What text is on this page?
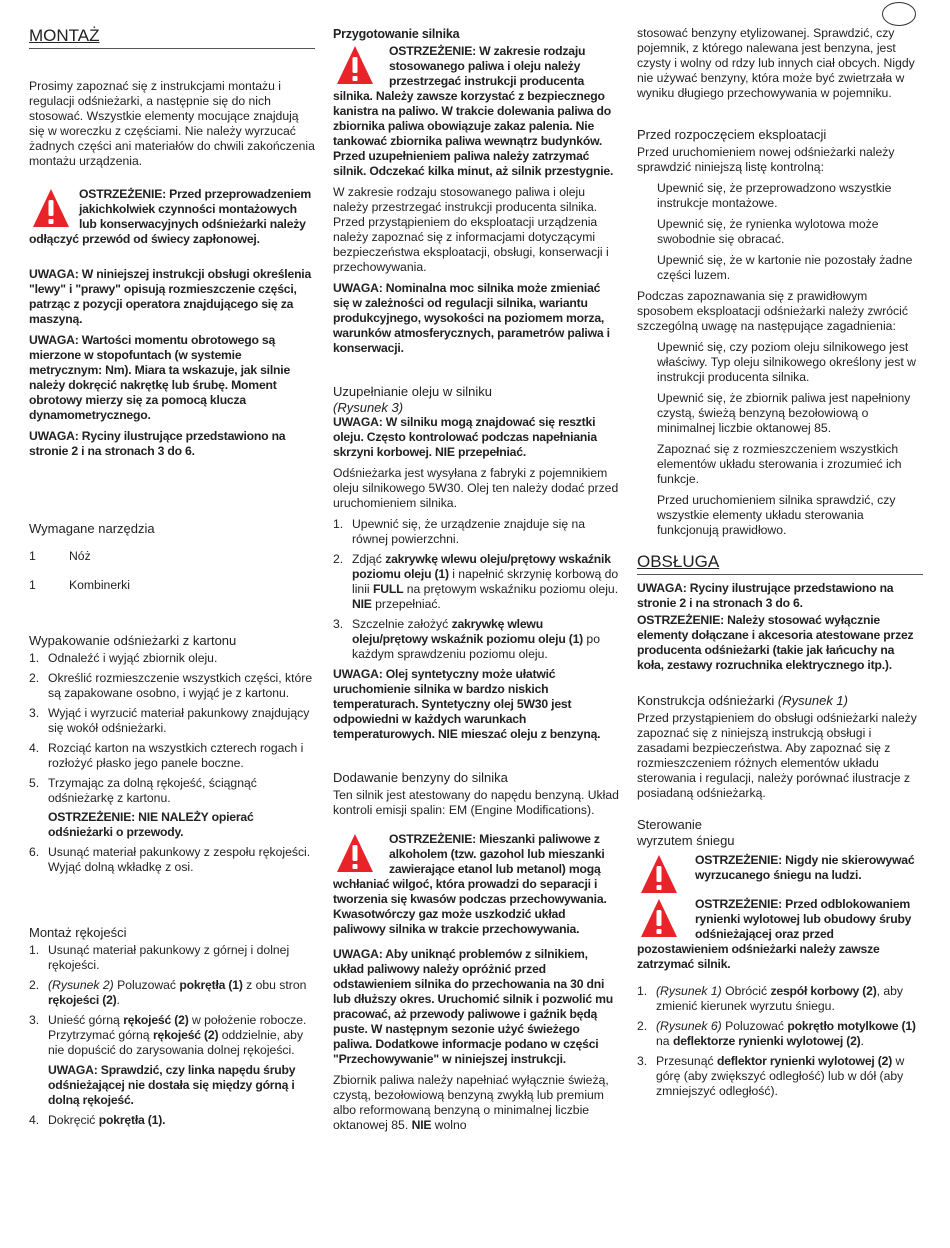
MONTAŻ

Prosimy zapoznać się z instrukcjami montażu i regulacji odśnieżarki, a następnie się do nich stosować. Wszystkie elementy mocujące znajdują się w woreczku z częściami. Nie należy wyrzucać żadnych części ani materiałów do chwili zakończenia montażu urządzenia.

OSTRZEŻENIE: Przed przeprowadzeniem jakichkolwiek czynności montażowych lub konserwacyjnych odśnieżarki należy odłączyć przewód od świecy zapłonowej.

UWAGA: W niniejszej instrukcji obsługi określenia "lewy" i "prawy" opisują rozmieszczenie części, patrząc z pozycji operatora znajdującego się za maszyną.

UWAGA: Wartości momentu obrotowego są mierzone w stopofuntach (w systemie metrycznym: Nm). Miara ta wskazuje, jak silnie należy dokręcić nakrętkę lub śrubę. Moment obrotowy mierzy się za pomocą klucza dynamometrycznego.

UWAGA: Ryciny ilustrujące przedstawiono na stronie 2 i na stronach 3 do 6.

Wymagane narzędzia
1	Nóż
1	Kombinerki
Wypakowanie odśnieżarki z kartonu
1. Odnaleźć i wyjąć zbiornik oleju.
2. Określić rozmieszczenie wszystkich części, które są zapakowane osobno, i wyjąć je z kartonu.
3. Wyjąć i wyrzucić materiał pakunkowy znajdujący się wokół odśnieżarki.
4. Rozciąć karton na wszystkich czterech rogach i rozłożyć płasko jego panele boczne.
5. Trzymając za dolną rękojeść, ściągnąć odśnieżarkę z kartonu.
OSTRZEŻENIE: NIE NALEŻY opierać odśnieżarki o przewody.
6. Usunąć materiał pakunkowy z zespołu rękojeści. Wyjąć dolną wkładkę z osi.
Montaż rękojeści
1. Usunąć materiał pakunkowy z górnej i dolnej rękojeści.
2. (Rysunek 2) Poluzować pokrętła (1) z obu stron rękojeści (2).
3. Unieść górną rękojeść (2) w położenie robocze. Przytrzymać górną rękojeść (2) oddzielnie, aby nie dopuścić do zarysowania dolnej rękojeści.
UWAGA: Sprawdzić, czy linka napędu śruby odśnieżającej nie dostała się między górną i dolną rękojeść.
4. Dokręcić pokrętła (1).
Przygotowanie silnika

OSTRZEŻENIE: W zakresie rodzaju stosowanego paliwa i oleju należy przestrzegać instrukcji producenta silnika. Należy zawsze korzystać z bezpiecznego kanistra na paliwo. W trakcie dolewania paliwa do zbiornika paliwa obowiązuje zakaz palenia. Nie tankować zbiornika paliwa wewnątrz budynków. Przed uzupełnieniem paliwa należy zatrzymać silnik. Odczekać kilka minut, aż silnik przestygnie.

W zakresie rodzaju stosowanego paliwa i oleju należy przestrzegać instrukcji producenta silnika. Przed przystąpieniem do eksploatacji urządzenia należy zapoznać się z informacjami dotyczącymi bezpieczeństwa eksploatacji, obsługi, konserwacji i przechowywania.

UWAGA: Nominalna moc silnika może zmieniać się w zależności od regulacji silnika, wariantu produkcyjnego, wysokości na poziomem morza, warunków atmosferycznych, parametrów paliwa i konserwacji.

Uzupełnianie oleju w silniku
(Rysunek 3)

UWAGA: W silniku mogą znajdować się resztki oleju. Często kontrolować podczas napełniania skrzyni korbowej. NIE przepełniać.

Odśnieżarka jest wysyłana z fabryki z pojemnikiem oleju silnikowego 5W30. Olej ten należy dodać przed uruchomieniem silnika.

1. Upewnić się, że urządzenie znajduje się na równej powierzchni.
2. Zdjąć zakrywkę wlewu oleju/prętowy wskaźnik poziomu oleju (1) i napełnić skrzynię korbową do linii FULL na prętowym wskaźniku poziomu oleju. NIE przepełniać.
3. Szczelnie założyć zakrywkę wlewu oleju/prętowy wskaźnik poziomu oleju (1) po każdym sprawdzeniu poziomu oleju.

UWAGA: Olej syntetyczny może ułatwić uruchomienie silnika w bardzo niskich temperaturach. Syntetyczny olej 5W30 jest odpowiedni w każdych warunkach temperaturowych. NIE mieszać oleju z benzyną.

Dodawanie benzyny do silnika

Ten silnik jest atestowany do napędu benzyną. Układ kontroli emisji spalin: EM (Engine Modifications).

OSTRZEŻENIE: Mieszanki paliwowe z alkoholem (tzw. gazohol lub mieszanki zawierające etanol lub metanol) mogą wchłaniać wilgoć, która prowadzi do separacji i tworzenia się kwasów podczas przechowywania. Kwasotwórczy gaz może uszkodzić układ paliwowy silnika w trakcie przechowywania.

UWAGA: Aby uniknąć problemów z silnikiem, układ paliwowy należy opróżnić przed odstawieniem silnika do przechowania na 30 dni lub dłuższy okres. Uruchomić silnik i pozwolić mu pracować, aż przewody paliwowe i gaźnik będą puste. W następnym sezonie użyć świeżego paliwa. Dodatkowe informacje podano w części "Przechowywanie" w niniejszej instrukcji.

Zbiornik paliwa należy napełniać wyłącznie świeżą, czystą, bezołowiową benzyną zwykłą lub premium albo reformowaną benzyną o minimalnej liczbie oktanowej 85. NIE wolno

stosować benzyny etylizowanej. Sprawdzić, czy pojemnik, z którego nalewana jest benzyna, jest czysty i wolny od rdzy lub innych ciał obcych. Nigdy nie używać benzyny, która może być zwietrzała w wyniku długiego przechowywania w pojemniku.

Przed rozpoczęciem eksploatacji

Przed uruchomieniem nowej odśnieżarki należy sprawdzić niniejszą listę kontrolną:

Upewnić się, że przeprowadzono wszystkie instrukcje montażowe.

Upewnić się, że rynienka wylotowa może swobodnie się obracać.

Upewnić się, że w kartonie nie pozostały żadne części luzem.

Podczas zapoznawania się z prawidłowym sposobem eksploatacji odśnieżarki należy zwrócić szczególną uwagę na następujące zagadnienia:

Upewnić się, czy poziom oleju silnikowego jest właściwy. Typ oleju silnikowego określony jest w instrukcji producenta silnika.

Upewnić się, że zbiornik paliwa jest napełniony czystą, świeżą benzyną bezołowiową o minimalnej liczbie oktanowej 85.

Zapoznać się z rozmieszczeniem wszystkich elementów układu sterowania i zrozumieć ich funkcje.

Przed uruchomieniem silnika sprawdzić, czy wszystkie elementy układu sterowania funkcjonują prawidłowo.

OBSŁUGA

UWAGA: Ryciny ilustrujące przedstawiono na stronie 2 i na stronach 3 do 6.

OSTRZEŻENIE: Należy stosować wyłącznie elementy dołączane i akcesoria atestowane przez producenta odśnieżarki (takie jak łańcuchy na koła, zestawy rozruchnika elektrycznego itp.).

Konstrukcja odśnieżarki (Rysunek 1)

Przed przystąpieniem do obsługi odśnieżarki należy zapoznać się z niniejszą instrukcją obsługi i zasadami bezpieczeństwa. Aby zapoznać się z rozmieszczeniem różnych elementów układu sterowania i regulacji, należy porównać ilustracje z posiadaną odśnieżarką.

Sterowanie
wyrzutem śniegu

OSTRZEŻENIE: Nigdy nie skierowywać wyrzucanego śniegu na ludzi.

OSTRZEŻENIE: Przed odblokowaniem rynienki wylotowej lub obudowy śruby odśnieżającej oraz przed pozostawieniem odśnieżarki należy zawsze zatrzymać silnik.

1. (Rysunek 1) Obrócić zespół korbowy (2), aby zmienić kierunek wyrzutu śniegu.
2. (Rysunek 6) Poluzować pokrętło motylkowe (1) na deflektorze rynienki wylotowej (2).
3. Przesunąć deflektor rynienki wylotowej (2) w górę (aby zwiększyć odległość) lub w dół (aby zmniejszyć odległość).
